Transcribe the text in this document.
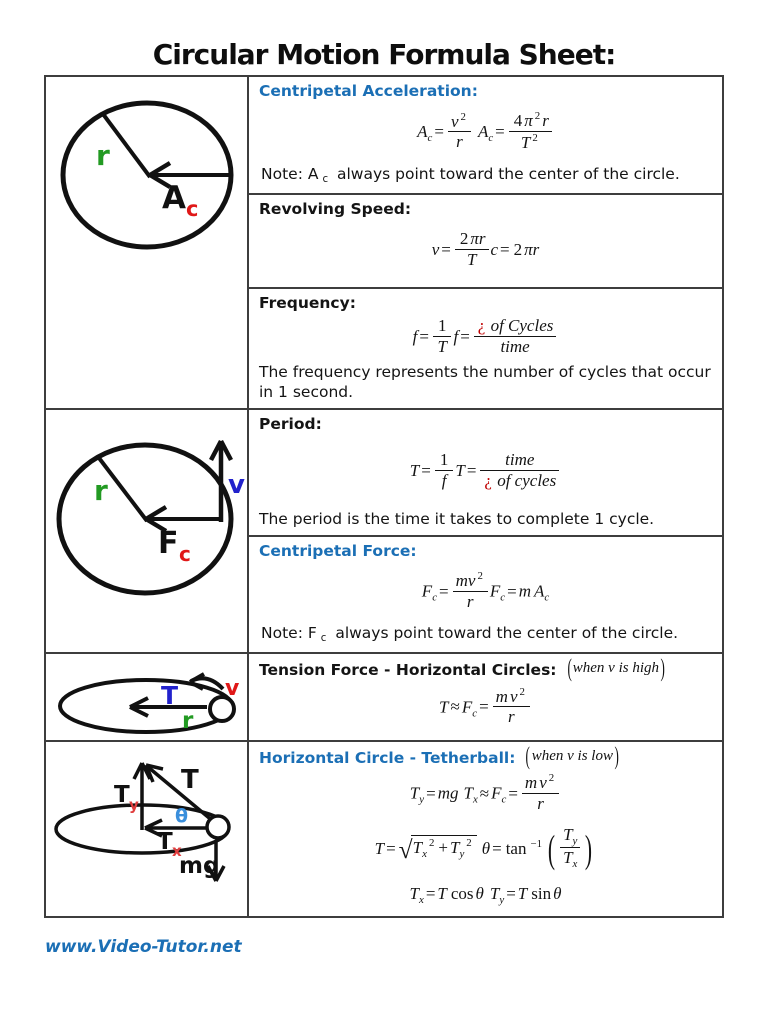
Circular Motion Formula Sheet:
r
A c
r
F c
v
T
r
v
T
T y
T x
θ
mg
Centripetal Acceleration:
$A_c = \frac{v ^2}{r} A_c = \frac{4 \pi ^2 r}{T ^2}$

Note: A c always point toward the center of the circle.

Revolving Speed:
$v = \frac{2 \pi r}{T}$ c = 2 πr
Frequency:
$f = \frac{1}{T}$ $f = \frac{\text{¿ of Cycles}}{\text{time}}$

The frequency represents the number of cycles that occur in 1 second.

Period:
$T = \frac{1}{f}$ $T = \frac{\text{time}}{\text{¿ of cycles}}$

The period is the time it takes to complete 1 cycle.

Centripetal Force:
$F_c = \frac{mv ^2}{r} F_c = m$ $A_c$

Note: F c always point toward the center of the circle.

Tension Force - Horizontal Circles: ( when v is high )
$T \approx F_c = \frac{m v ^2}{r}$
Horizontal Circle - Tetherball: ( when v is low )
$T_y$ = mg $T_x \approx F_c = \frac{m v ^2}{r}$
T = √ $T_x^2 + T_y^2$ θ = tan $^{-1}$ ( $\frac{T_y}{T_x}$ )
$T_x = T$ cos θ $T_y = T$ sin θ
www.Video-Tutor.net
